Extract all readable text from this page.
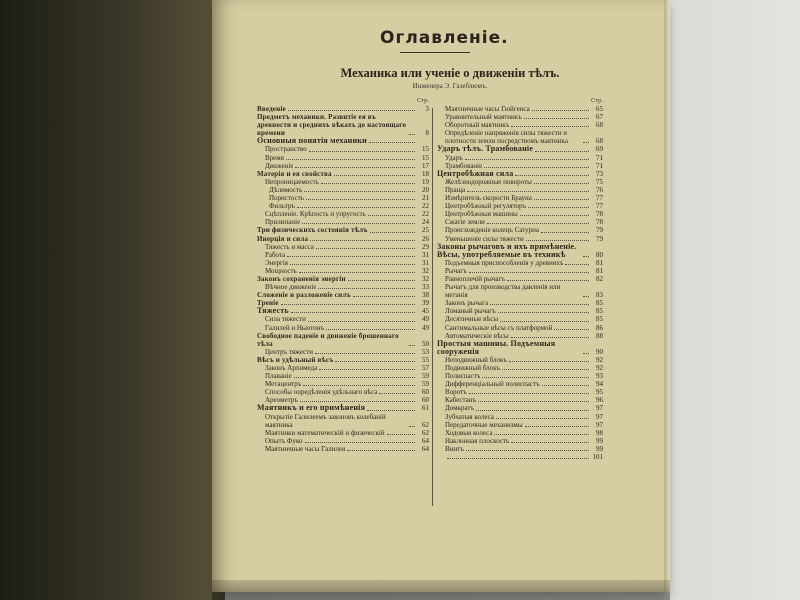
Оглавленіе.
Механика или ученіе о движеніи тѣлъ.

Инженера Э. Газеблюмъ.

Стр.
Введеніе	3
Предметъ механики. Развитіе ея въ древности и среднихъ вѣкахъ до настоящаго времени	8
Основныя понятія механики
Пространство	15
Время	15
Движеніе	17
Матерія и ея свойства	18
Непроницаемость	19
Дѣлимость	20
Пористость	21
Фильтръ	22
Сцѣпленіе. Крѣпость и упругость	22
Прилипаніе	24
Три физическихъ состоянія тѣлъ	25
Инерція и сила	26
Тяжесть и масса	29
Работа	31
Энергія	31
Мощность	32
Законъ сохраненія энергіи	32
Вѣчное движеніе	33
Сложеніе и разложеніе силъ	38
Треніе	39
Тяжесть	45
Сила тяжести	49
Галилей и Ньютонъ	49
Свободное паденіе и движеніе брошеннаго тѣла	50
Центръ тяжести	53
Вѣсъ и удѣльный вѣсъ	55
Законъ Архимеда	57
Плаваніе	59
Метацентръ	59
Способы опредѣленія удѣльнаго вѣса	60
Ареометръ	60
Маятникъ и его примѣненія	61
Открытіе Галилеемъ законовъ колебаній маятника	62
Маятники математическій и физическій	62
Опытъ Фуко	64
Маятничные часы Галилея	64
Стр.
Маятничные часы Гюйгенса	65
Уравнительный маятникъ	67
Оборотный маятникъ	68
Опредѣленіе напряженія силы тяжести и плотности земли посредствомъ маятника	68
Ударъ тѣлъ. Трамбованіе	69
Ударъ	71
Трамбованіе	71
Центробѣжная сила	73
Желѣзнодорожные повороты	75
Праща	76
Измѣритель скорости Брауна	77
Центробѣжный регуляторъ	77
Центробѣжныя машины	78
Сжатіе земли	78
Происхожденіе колецъ Сатурна	79
Уменьшеніе силы тяжести	79
Законы рычаговъ и ихъ примѣненіе. Вѣсы, употребляемые въ техникѣ	80
Подъемныя приспособленія у древнихъ	81
Рычагъ	81
Равноплечій рычагъ	82
Рычагъ для производства давленія или метанія	83
Законъ рычага	85
Ломаный рычагъ	85
Десятичные вѣсы	85
Сантимальные вѣсы съ платформой	86
Автоматическіе вѣсы	88
Простыя машины. Подъемныя сооруженія	90
Неподвижный блокъ	92
Подвижный блокъ	92
Полиспастъ	93
Дифференціальный полиспастъ	94
Воротъ	95
Кабестанъ	96
Домкратъ	97
Зубчатыя колеса	97
Передаточные механизмы	97
Ходовыя колеса	98
Наклонная плоскость	99
Винтъ	99
101
